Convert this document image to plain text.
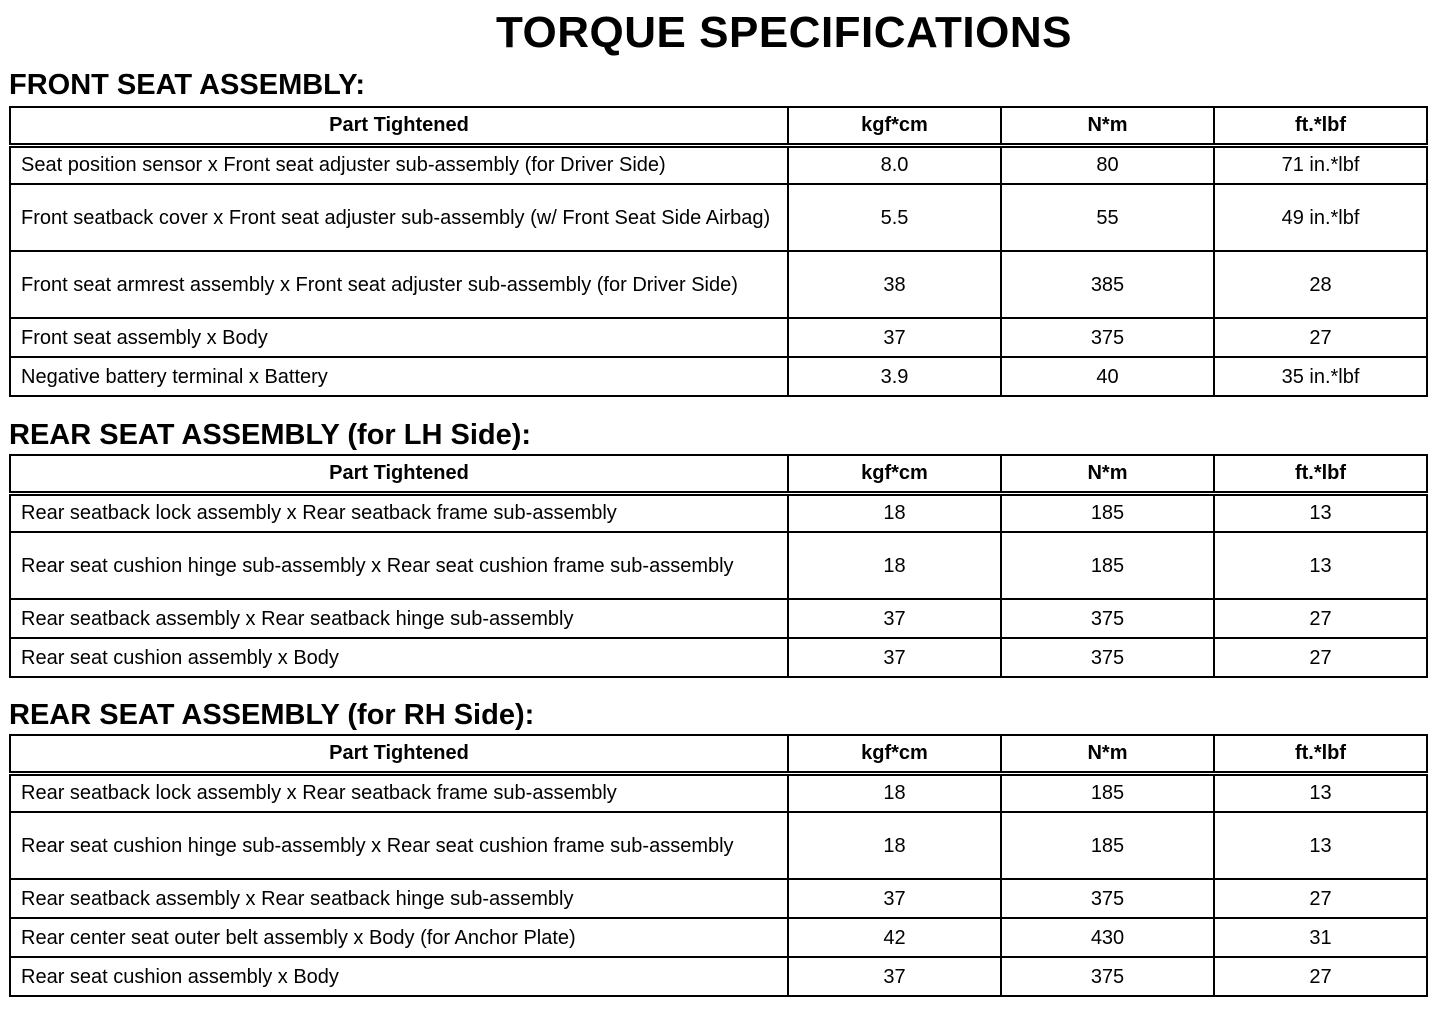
TORQUE SPECIFICATIONS
FRONT SEAT ASSEMBLY:
Part Tightened	kgf*cm	N*m	ft.*lbf
Seat position sensor x Front seat adjuster sub-assembly (for Driver Side)	8.0	80	71 in.*lbf
Front seatback cover x Front seat adjuster sub-assembly (w/ Front Seat Side Airbag)	5.5	55	49 in.*lbf
Front seat armrest assembly x Front seat adjuster sub-assembly (for Driver Side)	38	385	28
Front seat assembly x Body	37	375	27
Negative battery terminal x Battery	3.9	40	35 in.*lbf
REAR SEAT ASSEMBLY (for LH Side):
Part Tightened	kgf*cm	N*m	ft.*lbf
Rear seatback lock assembly x Rear seatback frame sub-assembly	18	185	13
Rear seat cushion hinge sub-assembly x Rear seat cushion frame sub-assembly	18	185	13
Rear seatback assembly x Rear seatback hinge sub-assembly	37	375	27
Rear seat cushion assembly x Body	37	375	27
REAR SEAT ASSEMBLY (for RH Side):
Part Tightened	kgf*cm	N*m	ft.*lbf
Rear seatback lock assembly x Rear seatback frame sub-assembly	18	185	13
Rear seat cushion hinge sub-assembly x Rear seat cushion frame sub-assembly	18	185	13
Rear seatback assembly x Rear seatback hinge sub-assembly	37	375	27
Rear center seat outer belt assembly x Body (for Anchor Plate)	42	430	31
Rear seat cushion assembly x Body	37	375	27
